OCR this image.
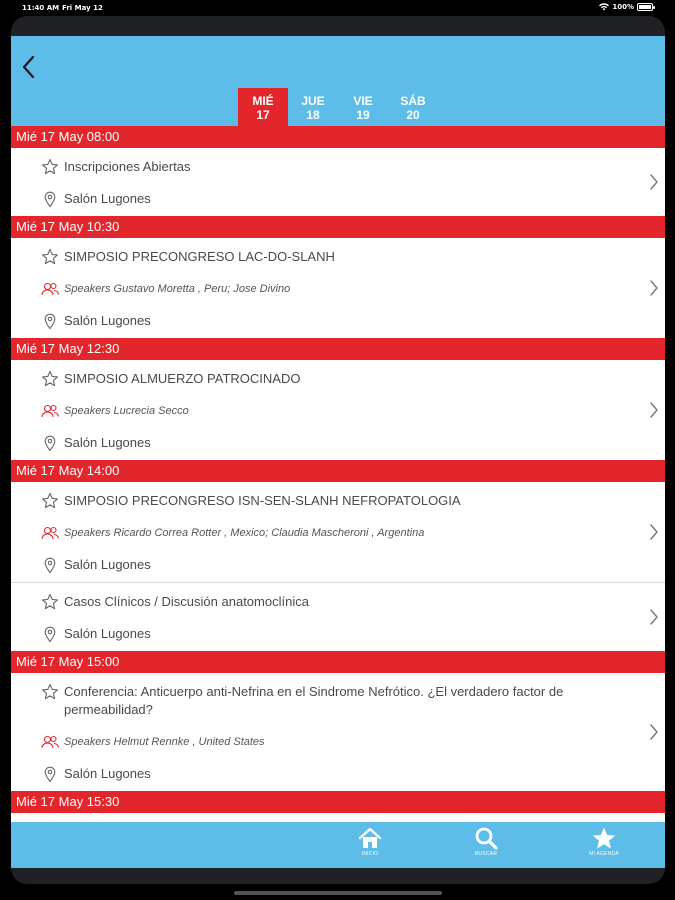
11:40 AM Fri May 12	100%
MIÉ
17
JUE
18
VIE
19
SÁB
20
Mié 17 May 08:00
Inscripciones Abiertas
Salón Lugones
Mié 17 May 10:30
SIMPOSIO PRECONGRESO LAC-DO-SLANH
Speakers Gustavo Moretta , Peru; Jose Divino
Salón Lugones
Mié 17 May 12:30
SIMPOSIO ALMUERZO PATROCINADO
Speakers Lucrecia Secco
Salón Lugones
Mié 17 May 14:00
SIMPOSIO PRECONGRESO ISN-SEN-SLANH NEFROPATOLOGIA
Speakers Ricardo Correa Rotter , Mexico; Claudia Mascheroni , Argentina
Salón Lugones
Casos Clínicos / Discusión anatomoclínica
Salón Lugones
Mié 17 May 15:00
Conferencia: Anticuerpo anti-Nefrina en el Sindrome Nefrótico. ¿El verdadero factor de permeabilidad?
Speakers Helmut Rennke , United States
Salón Lugones
Mié 17 May 15:30
INICIO	BUSCAR	MI AGENDA
